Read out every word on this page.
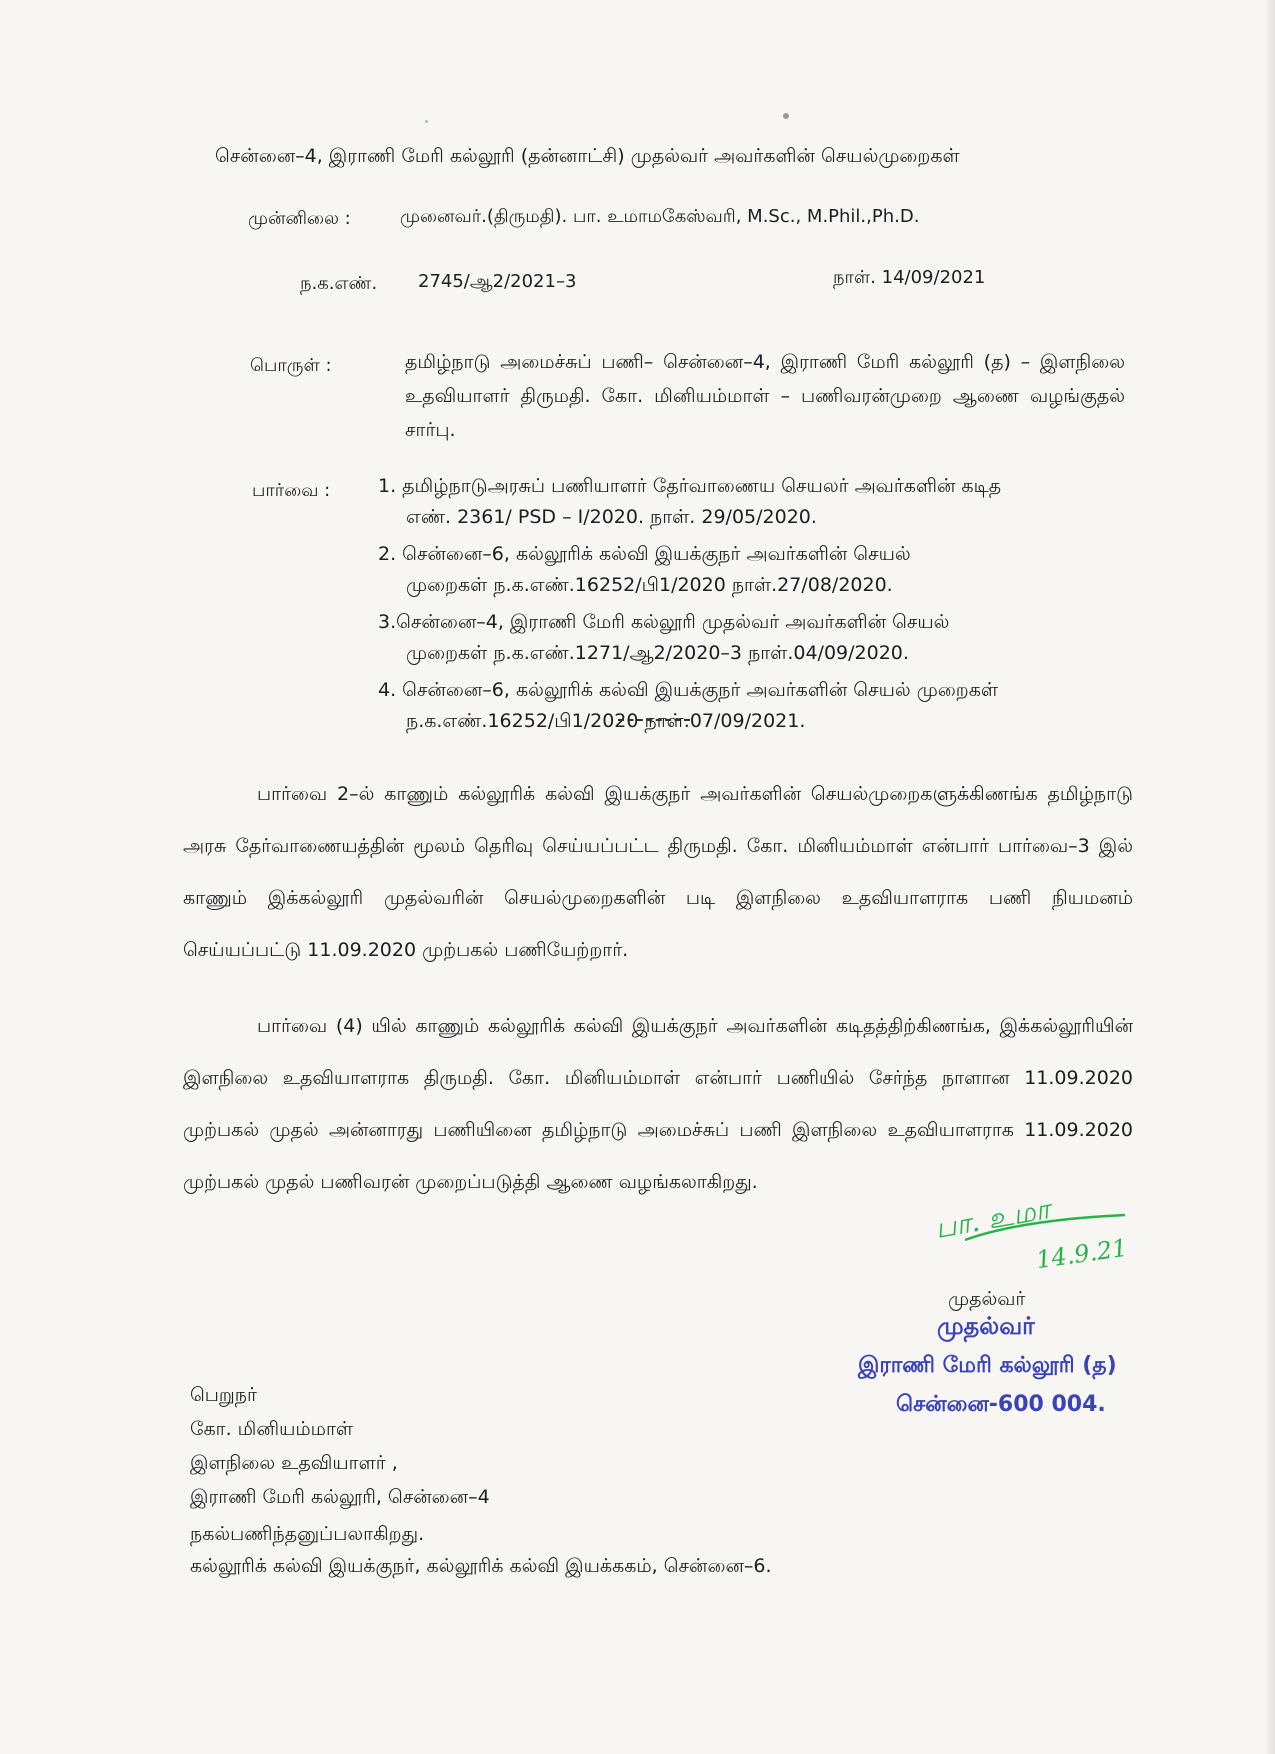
சென்னை–4, இராணி மேரி கல்லூரி (தன்னாட்சி) முதல்வர் அவர்களின் செயல்முறைகள்
முன்னிலை :	முனைவர்.(திருமதி). பா. உமாமகேஸ்வரி, M.Sc., M.Phil.,Ph.D.
ந.க.எண். 2745/ஆ2/2021–3	நாள். 14/09/2021
பொருள் :	தமிழ்நாடு அமைச்சுப் பணி– சென்னை–4, இராணி மேரி கல்லூரி (த) – இளநிலை உதவியாளர் திருமதி. கோ. மினியம்மாள் – பணிவரன்முறை ஆணை வழங்குதல் சார்பு.
பார்வை :	1. தமிழ்நாடுஅரசுப் பணியாளர் தேர்வாணைய செயலர் அவர்களின் கடித
எண். 2361/ PSD – I/2020. நாள். 29/05/2020.
2. சென்னை–6, கல்லூரிக் கல்வி இயக்குநர் அவர்களின் செயல்
முறைகள் ந.க.எண்.16252/பி1/2020 நாள்.27/08/2020.
3.சென்னை–4, இராணி மேரி கல்லூரி முதல்வர் அவர்களின் செயல்
முறைகள் ந.க.எண்.1271/ஆ2/2020–3 நாள்.04/09/2020.
4. சென்னை–6, கல்லூரிக் கல்வி இயக்குநர் அவர்களின் செயல் முறைகள்
ந.க.எண்.16252/பி1/2020 நாள்.07/09/2021.
பார்வை 2–ல் காணும் கல்லூரிக் கல்வி இயக்குநர் அவர்களின் செயல்முறைகளுக்கிணங்க தமிழ்நாடு அரசு தேர்வாணையத்தின் மூலம் தெரிவு செய்யப்பட்ட திருமதி. கோ. மினியம்மாள் என்பார் பார்வை–3 இல் காணும் இக்கல்லூரி முதல்வரின் செயல்முறைகளின் படி இளநிலை உதவியாளராக பணி நியமனம் செய்யப்பட்டு 11.09.2020 முற்பகல் பணியேற்றார்.
பார்வை (4) யில் காணும் கல்லூரிக் கல்வி இயக்குநர் அவர்களின் கடிதத்திற்கிணங்க, இக்கல்லூரியின் இளநிலை உதவியாளராக திருமதி. கோ. மினியம்மாள் என்பார் பணியில் சேர்ந்த நாளான 11.09.2020 முற்பகல் முதல் அன்னாரது பணியினை தமிழ்நாடு அமைச்சுப் பணி இளநிலை உதவியாளராக 11.09.2020 முற்பகல் முதல் பணிவரன் முறைப்படுத்தி ஆணை வழங்கலாகிறது.
பா. உமா
14.9.21
முதல்வர்
முதல்வர்
இராணி மேரி கல்லூரி (த)
சென்னை-600 004.
பெறுநர்
கோ. மினியம்மாள்
இளநிலை உதவியாளர் ,
இராணி மேரி கல்லூரி, சென்னை–4
நகல்பணிந்தனுப்பலாகிறது.
கல்லூரிக் கல்வி இயக்குநர், கல்லூரிக் கல்வி இயக்ககம், சென்னை–6.
